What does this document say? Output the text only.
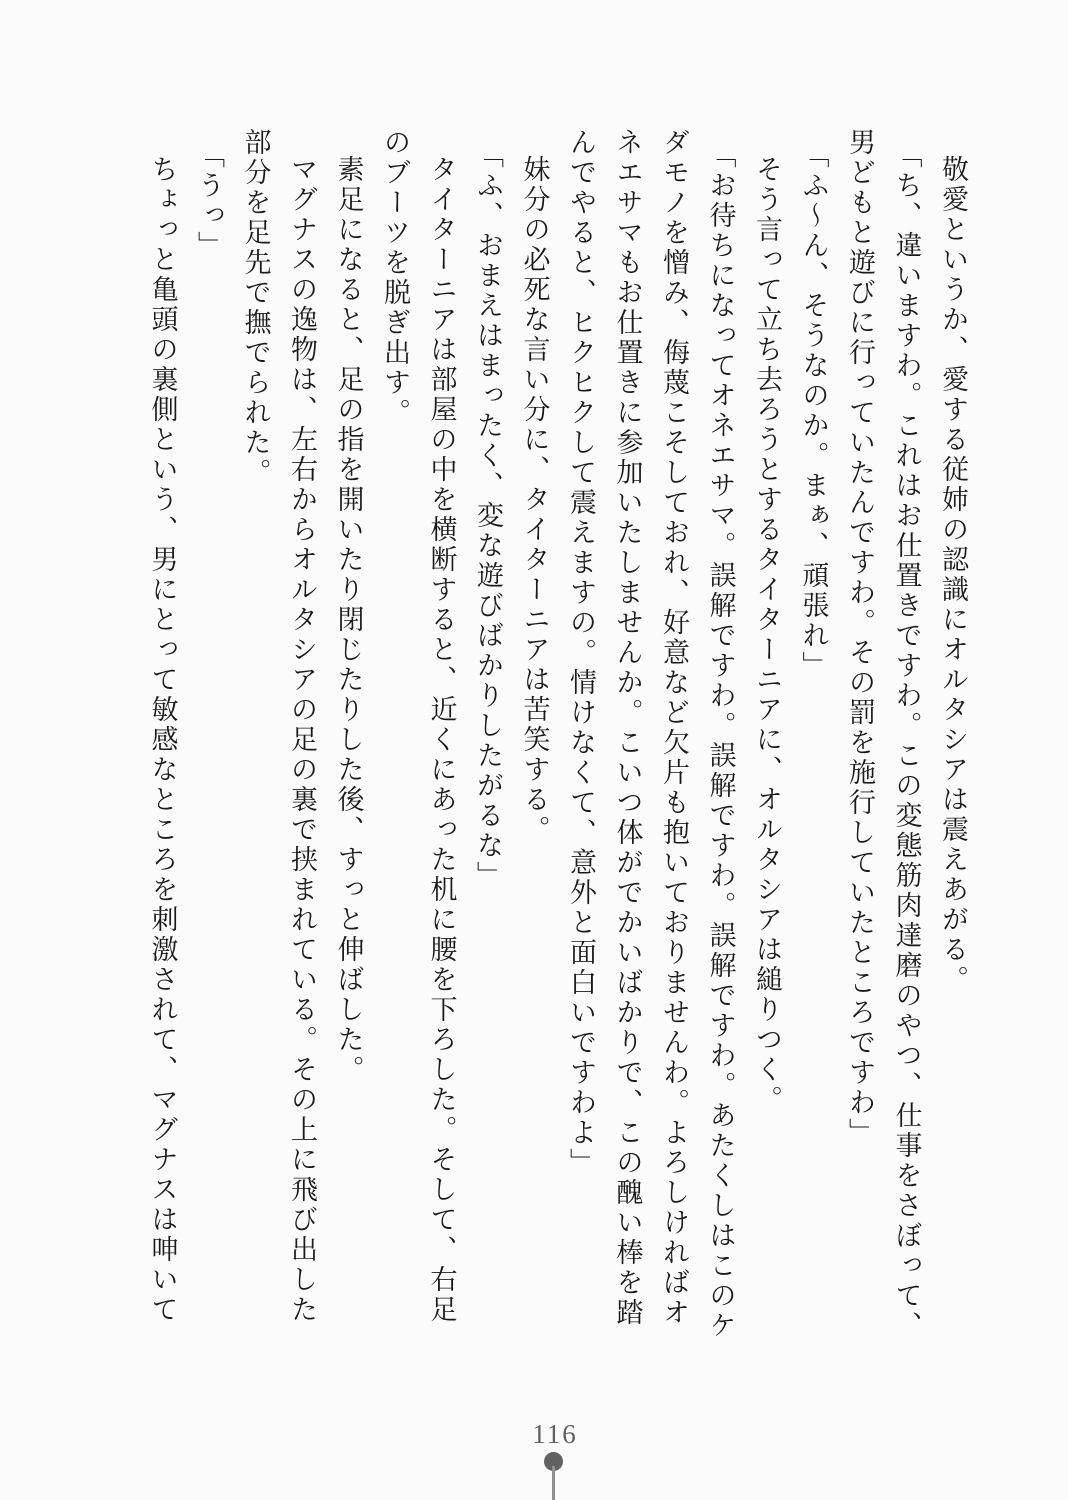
敬愛というか、愛する従姉の認識にオルタシアは震えあがる。

「ち、違いますわ。これはお仕置きですわ。この変態筋肉達磨のやつ、仕事をさぼって、男どもと遊びに行っていたんですわ。その罰を施行していたところですわ」

「ふ〜ん、そうなのか。まぁ、頑張れ」

そう言って立ち去ろうとするタイターニアに、オルタシアは縋りつく。

「お待ちになってオネエサマ。誤解ですわ。誤解ですわ。誤解ですわ。あたくしはこのケダモノを憎み、侮蔑こそしておれ、好意など欠片も抱いておりませんわ。よろしければオネエサマもお仕置きに参加いたしませんか。こいつ体がでかいばかりで、この醜い棒を踏んでやると、ヒクヒクして震えますの。情けなくて、意外と面白いですわよ」

妹分の必死な言い分に、タイターニアは苦笑する。

「ふ、おまえはまったく、変な遊びばかりしたがるな」

タイターニアは部屋の中を横断すると、近くにあった机に腰を下ろした。そして、右足のブーツを脱ぎ出す。

素足になると、足の指を開いたり閉じたりした後、すっと伸ばした。

マグナスの逸物は、左右からオルタシアの足の裏で挟まれている。その上に飛び出した部分を足先で撫でられた。

「うっ」

ちょっと亀頭の裏側という、男にとって敏感なところを刺激されて、マグナスは呻いて

116
